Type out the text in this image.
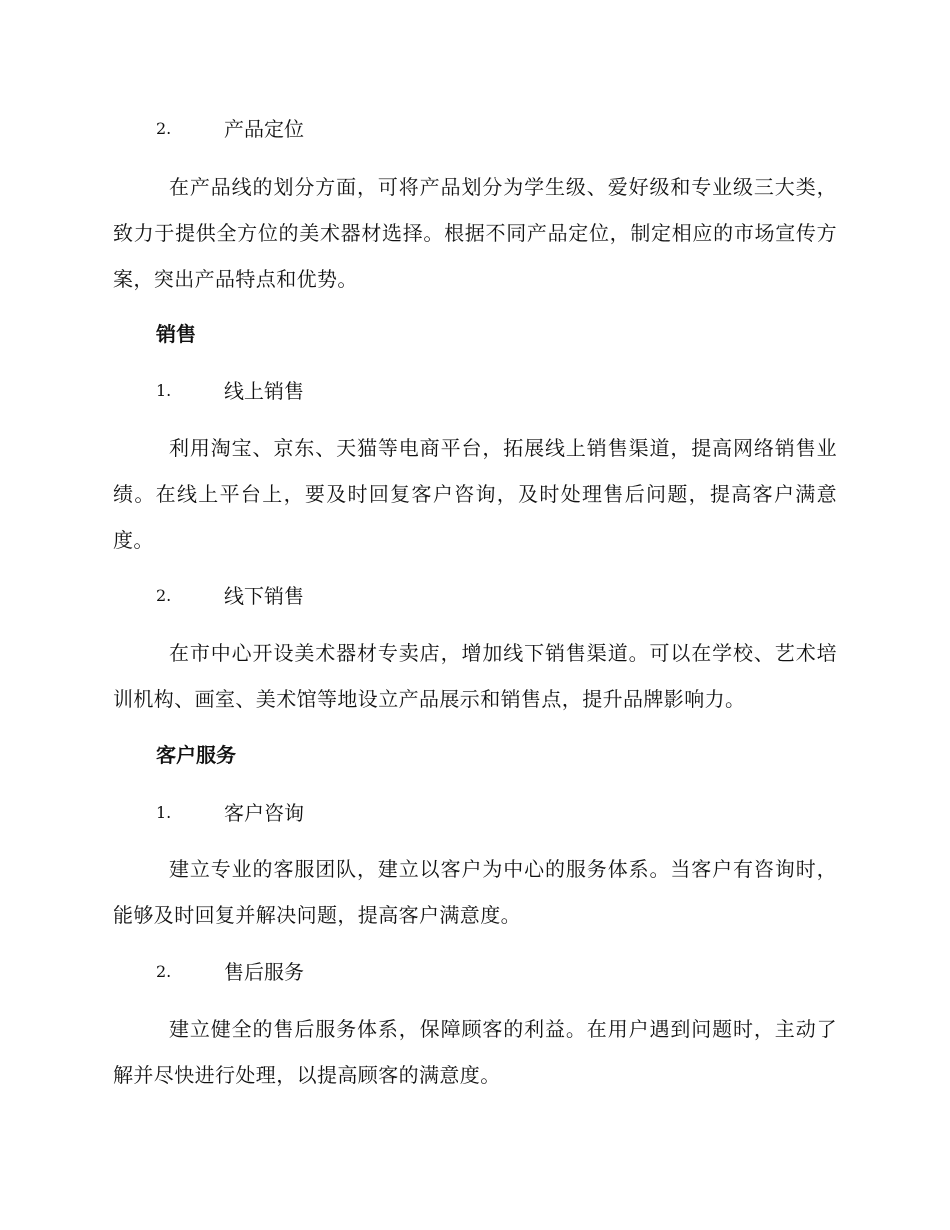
2.	产品定位

在产品线的划分方面，可将产品划分为学生级、爱好级和专业级三大类，致力于提供全方位的美术器材选择。根据不同产品定位，制定相应的市场宣传方案，突出产品特点和优势。

销售
1.	线上销售

利用淘宝、京东、天猫等电商平台，拓展线上销售渠道，提高网络销售业绩。在线上平台上，要及时回复客户咨询，及时处理售后问题，提高客户满意度。

2.	线下销售

在市中心开设美术器材专卖店，增加线下销售渠道。可以在学校、艺术培训机构、画室、美术馆等地设立产品展示和销售点，提升品牌影响力。

客户服务
1.	客户咨询

建立专业的客服团队，建立以客户为中心的服务体系。当客户有咨询时，能够及时回复并解决问题，提高客户满意度。

2.	售后服务

建立健全的售后服务体系，保障顾客的利益。在用户遇到问题时，主动了解并尽快进行处理，以提高顾客的满意度。
